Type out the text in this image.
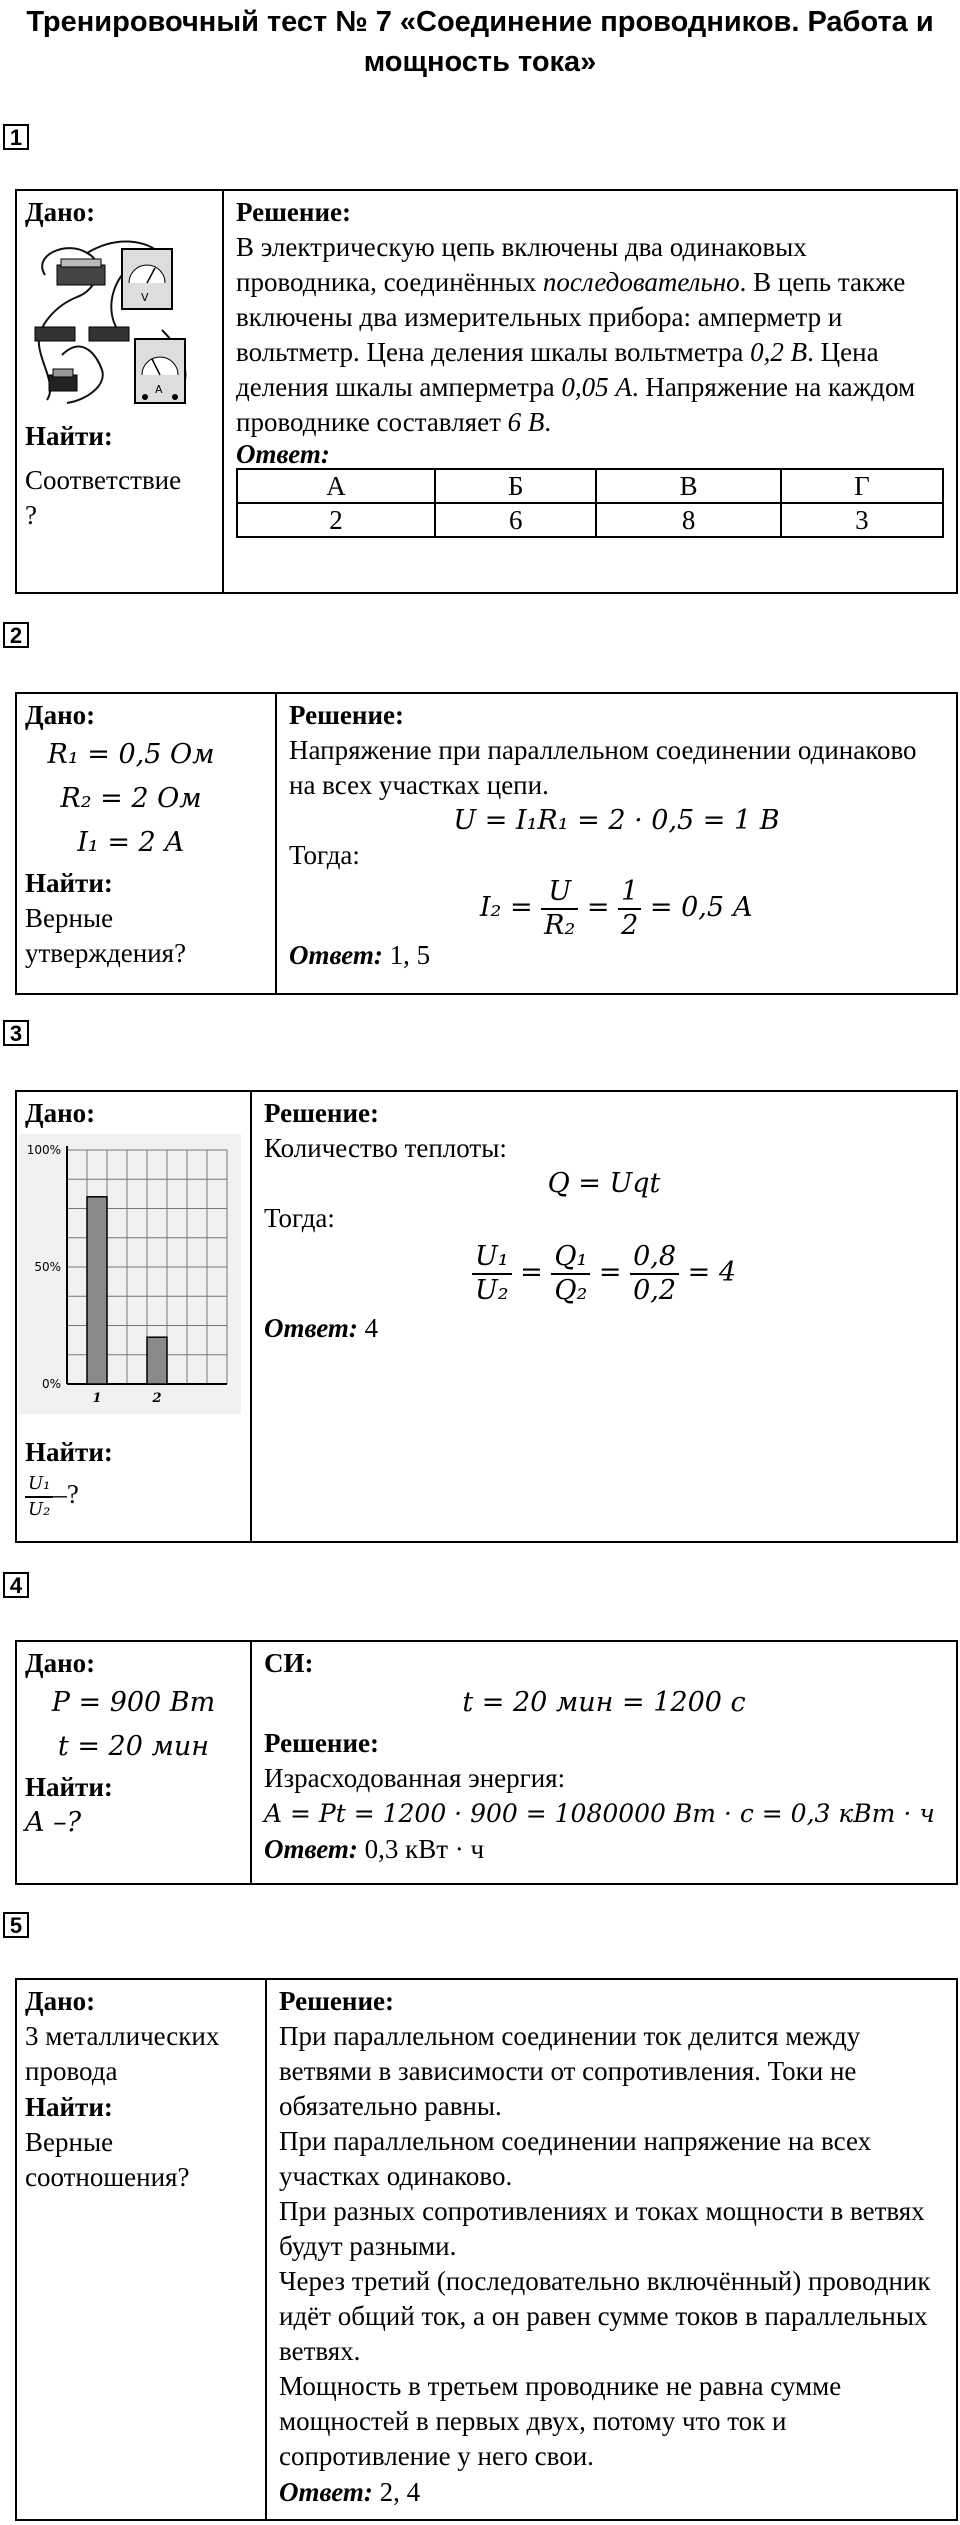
Тренировочный тест № 7 «Соединение проводников. Работа и мощность тока»
1
Дано:
V
A
Найти:
Соответствие ?
Решение:
В электрическую цепь включены два одинаковых проводника, соединённых последовательно. В цепь также включены два измерительных прибора: амперметр и вольтметр. Цена деления шкалы вольтметра 0,2 В. Цена деления шкалы амперметра 0,05 А. Напряжение на каждом проводнике составляет 6 В.
Ответ:
А	Б	В	Г
2	6	8	3
2
Дано:
R₁ = 0,5 Ом
R₂ = 2 Ом
I₁ = 2 А
Найти:
Верные утверждения?
Решение:
Напряжение при параллельном соединении одинаково на всех участках цепи.
U = I₁R₁ = 2 · 0,5 = 1 В
Тогда:
$I_2 = \frac{U}{\text{R₂}} = \frac{1}{2} = 0,5$ А
Ответ: 1, 5
3
Дано:
100%
50%
0%
1	2
Найти:
$\frac{\text{U₁}}{\text{U₂}}$ –?
Решение:
Количество теплоты:
Q = Uqt
Тогда:
$\frac{\text{U₁}}{\text{U₂}} = \frac{\text{Q₁}}{\text{Q₂}} = \frac{0,8}{0,2} = 4$
Ответ: 4
4
Дано:
P = 900 Вт
t = 20 мин
Найти:
A –?
СИ:
t = 20 мин = 1200 с
Решение:
Израсходованная энергия:
A = Pt = 1200 · 900 = 1080000 Вт · с = 0,3 кВт · ч
Ответ: 0,3 кВт · ч
5
Дано:
3 металлических провода
Найти:
Верные соотношения?
Решение:
При параллельном соединении ток делится между ветвями в зависимости от сопротивления. Токи не обязательно равны.
При параллельном соединении напряжение на всех участках одинаково.
При разных сопротивлениях и токах мощности в ветвях будут разными.
Через третий (последовательно включённый) проводник идёт общий ток, а он равен сумме токов в параллельных ветвях.
Мощность в третьем проводнике не равна сумме мощностей в первых двух, потому что ток и сопротивление у него свои.
Ответ: 2, 4
